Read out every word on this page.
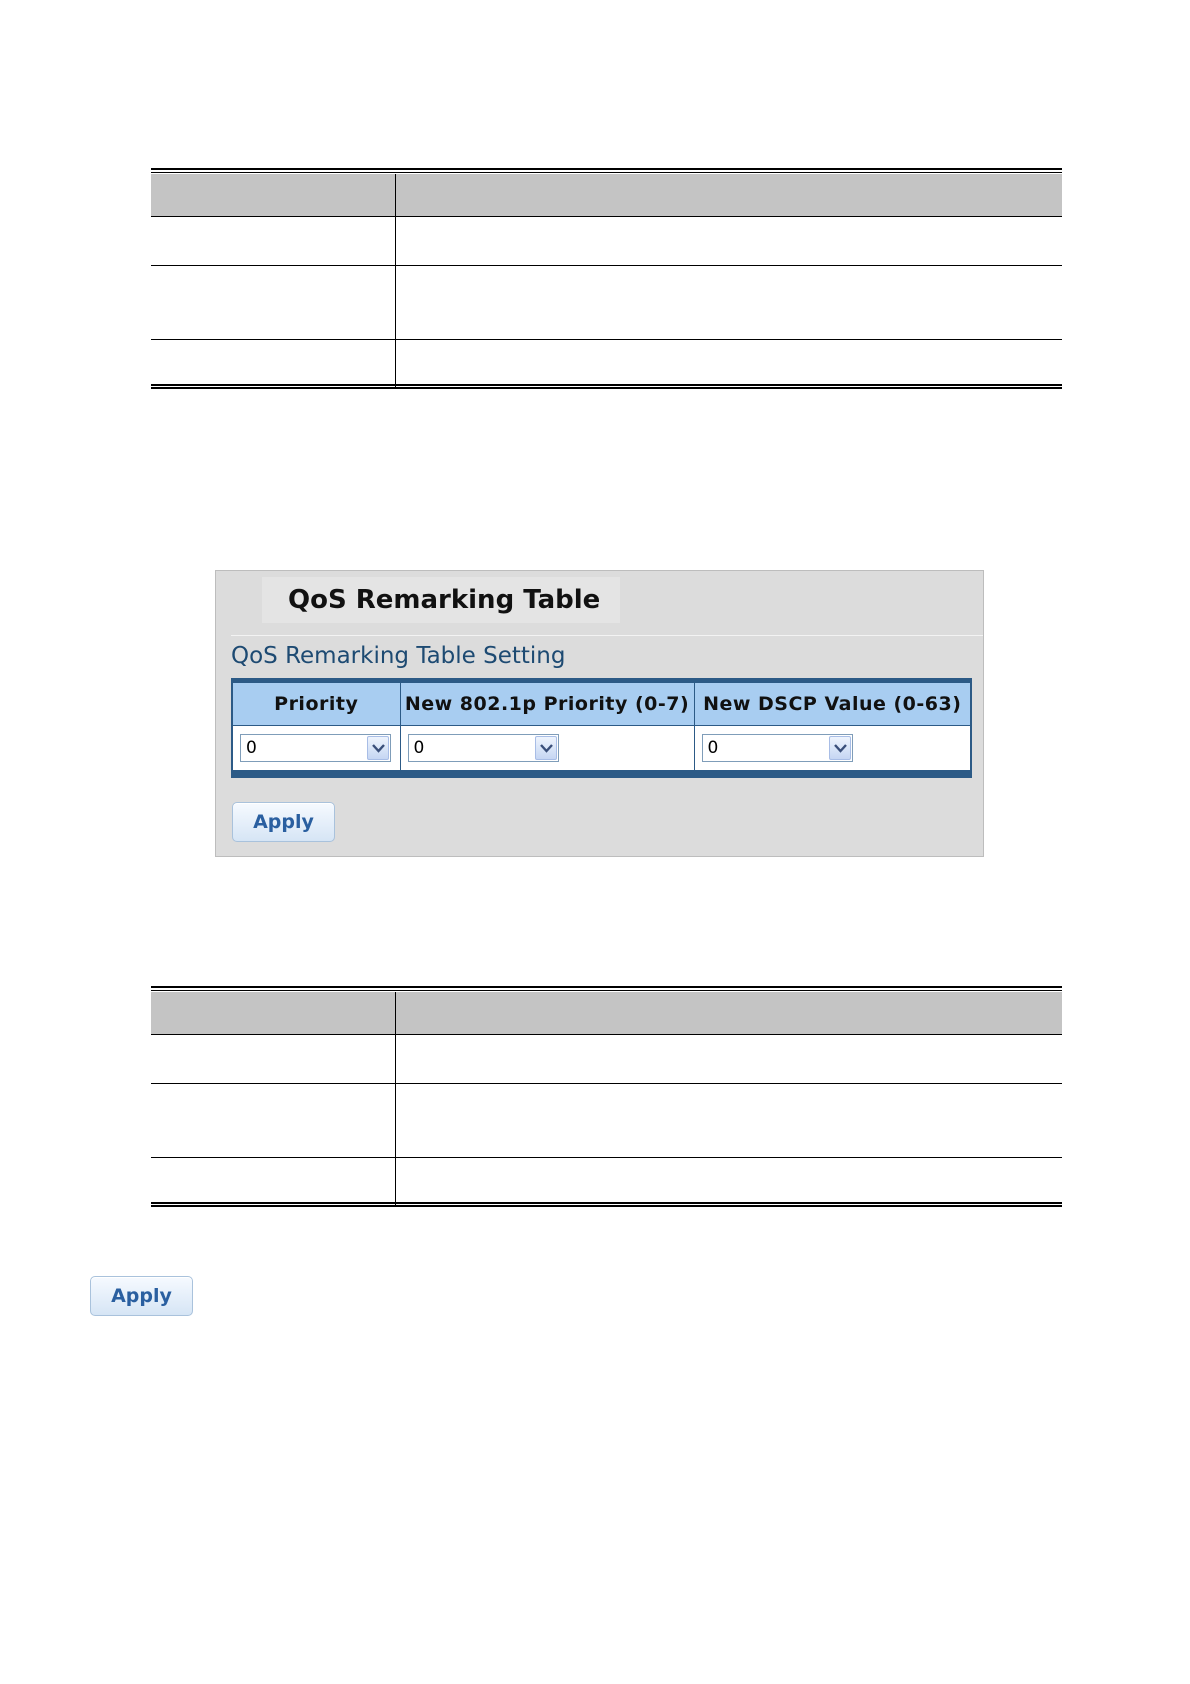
QoS Remarking Table
QoS Remarking Table Setting
Priority	New 802.1p Priority (0-7)	New DSCP Value (0-63)

0	0	0
Apply

Apply
